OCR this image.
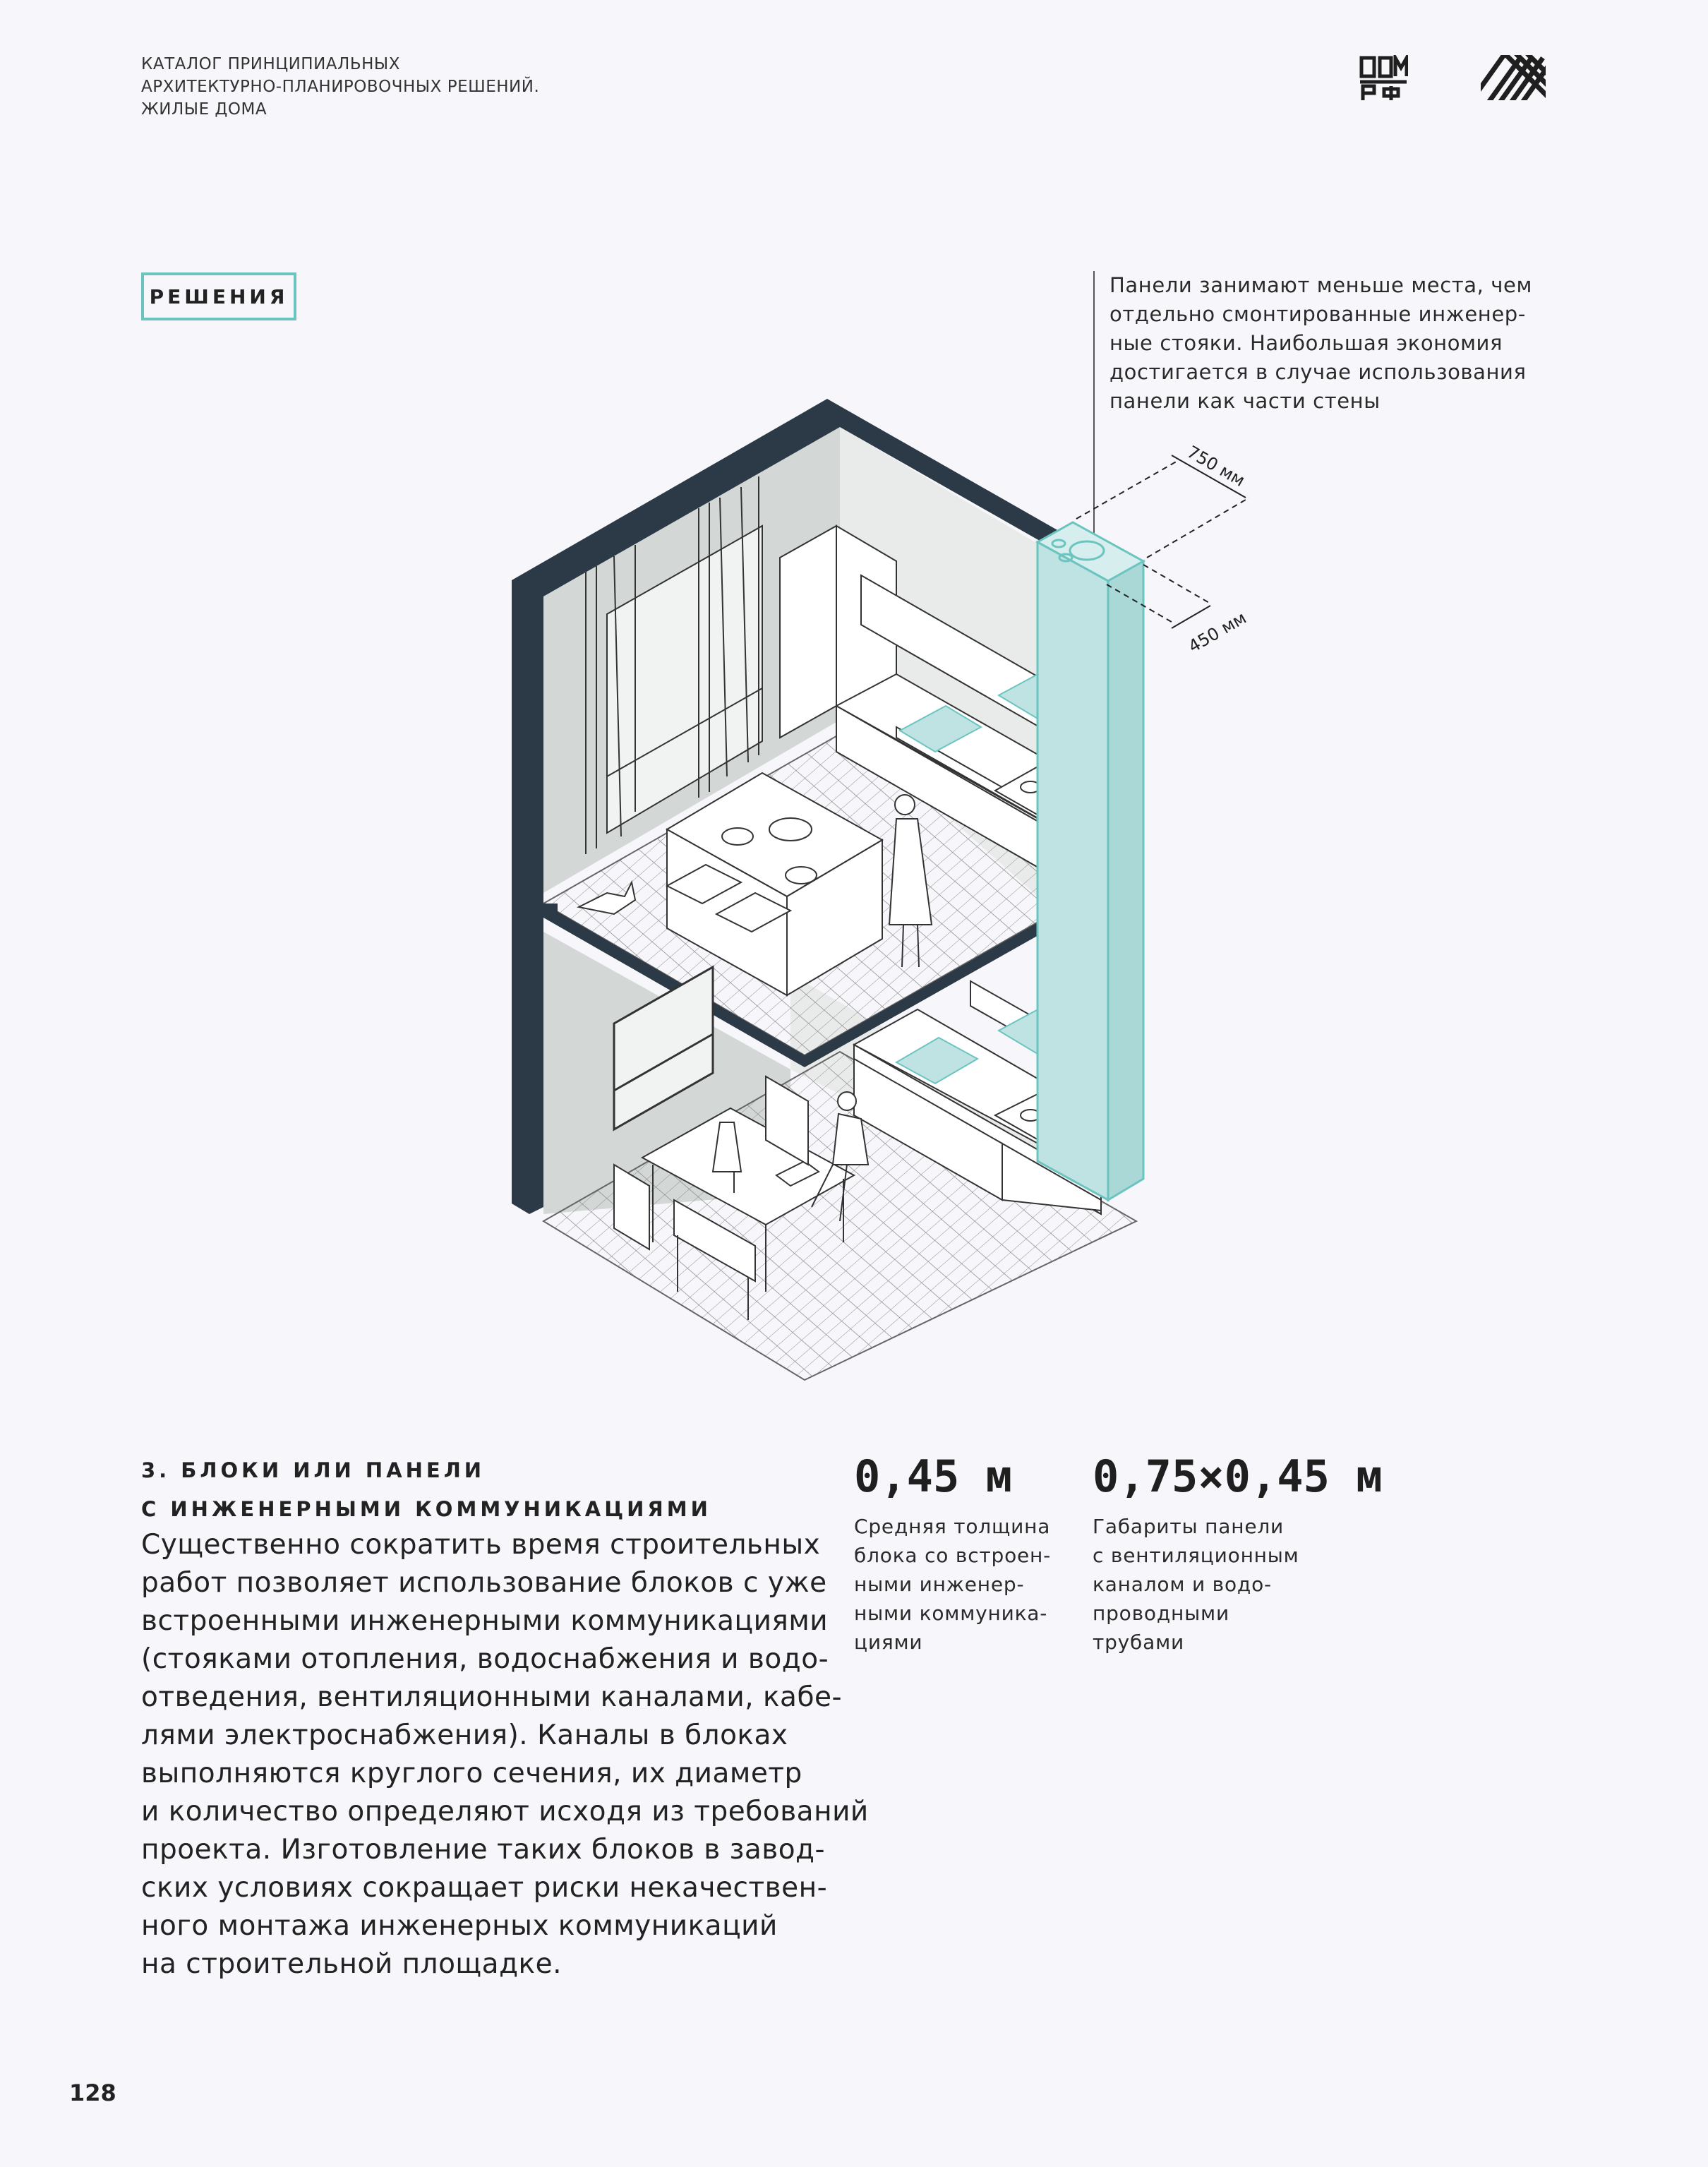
КАТАЛОГ ПРИНЦИПИАЛЬНЫХ
АРХИТЕКТУРНО-ПЛАНИРОВОЧНЫХ РЕШЕНИЙ.
ЖИЛЫЕ ДОМА
РЕШЕНИЯ
750 мм
450 мм
Панели занимают меньше места, чем
отдельно смонтированные инженер-
ные стояки. Наибольшая экономия
достигается в случае использования
панели как части стены
3. БЛОКИ ИЛИ ПАНЕЛИ
С ИНЖЕНЕРНЫМИ КОММУНИКАЦИЯМИ
Существенно сократить время строительных
работ позволяет использование блоков с уже
встроенными инженерными коммуникациями
(стояками отопления, водоснабжения и водо-
отведения, вентиляционными каналами, кабе-
лями электроснабжения). Каналы в блоках
выполняются круглого сечения, их диаметр
и количество определяют исходя из требований
проекта. Изготовление таких блоков в завод-
ских условиях сокращает риски некачествен-
ного монтажа инженерных коммуникаций
на строительной площадке.
0,45 м
Средняя толщина
блока со встроен-
ными инженер-
ными коммуника-
циями
0,75×0,45 м
Габариты панели
с вентиляционным
каналом и водо-
проводными
трубами
128
